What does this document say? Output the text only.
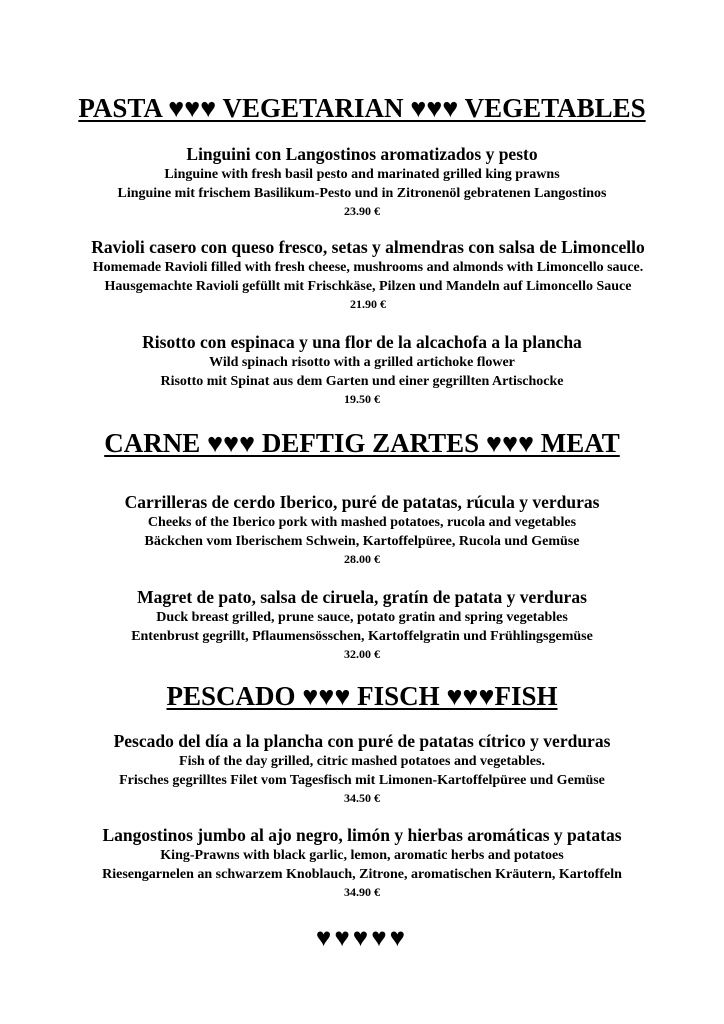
PASTA ♥♥♥ VEGETARIAN ♥♥♥ VEGETABLES
Linguini con Langostinos aromatizados y pesto
Linguine with fresh basil pesto and marinated grilled king prawns
Linguine mit frischem Basilikum-Pesto und in Zitronenöl gebratenen Langostinos
23.90 €
Ravioli casero con queso fresco, setas y almendras con salsa de Limoncello
Homemade Ravioli filled with fresh cheese, mushrooms and almonds with Limoncello sauce.
Hausgemachte Ravioli gefüllt mit Frischkäse, Pilzen und Mandeln auf Limoncello Sauce
21.90 €
Risotto con espinaca y una flor de la alcachofa a la plancha
Wild spinach risotto with a grilled artichoke flower
Risotto mit Spinat aus dem Garten und einer gegrillten Artischocke
19.50 €
CARNE ♥♥♥ DEFTIG ZARTES ♥♥♥ MEAT
Carrilleras de cerdo Iberico, puré de patatas, rúcula y verduras
Cheeks of the Iberico pork with mashed potatoes, rucola and vegetables
Bäckchen vom Iberischem Schwein, Kartoffelpüree, Rucola und Gemüse
28.00 €
Magret de pato, salsa de ciruela, gratín de patata y verduras
Duck breast grilled, prune sauce, potato gratin and spring vegetables
Entenbrust gegrillt, Pflaumensösschen, Kartoffelgratin und Frühlingsgemüse
32.00 €
PESCADO ♥♥♥ FISCH ♥♥♥FISH
Pescado del día a la plancha con puré de patatas cítrico y verduras
Fish of the day grilled, citric mashed potatoes and vegetables.
Frisches gegrilltes Filet vom Tagesfisch mit Limonen-Kartoffelpüree und Gemüse
34.50 €
Langostinos jumbo al ajo negro, limón y hierbas aromáticas y patatas
King-Prawns with black garlic, lemon, aromatic herbs and potatoes
Riesengarnelen an schwarzem Knoblauch, Zitrone, aromatischen Kräutern, Kartoffeln
34.90 €
♥♥♥♥♥
